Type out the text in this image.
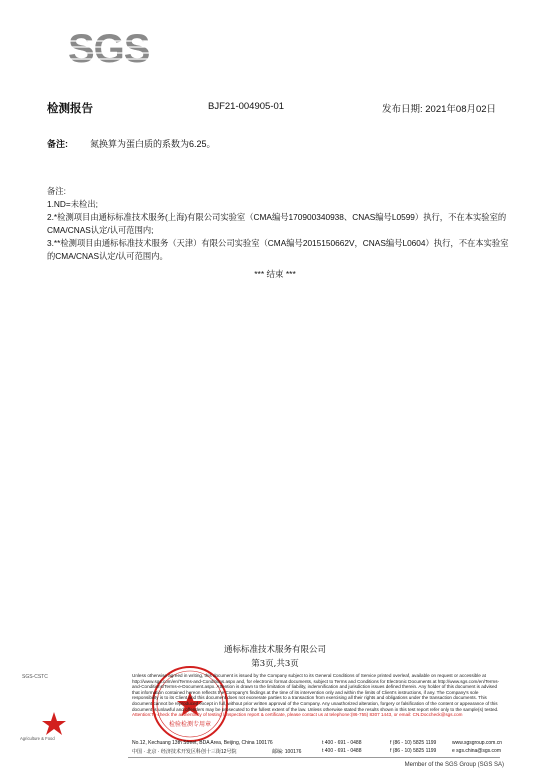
SGS
检测报告	BJF21-004905-01	发布日期: 2021年08月02日
备注: 氮换算为蛋白质的系数为6.25。
备注:
1.ND=未检出;
2.*检测项目由通标标准技术服务(上海)有限公司实验室（CMA编号170900340938、CNAS编号L0599）执行，不在本实验室的CMA/CNAS认定/认可范围内;
3.**检测项目由通标标准技术服务（天津）有限公司实验室（CMA编号2015150662V，CNAS编号L0604）执行，不在本实验室的CMA/CNAS认定/认可范围内。
*** 结束 ***
通标标准技术服务有限公司
第3页,共3页
SGS-CSTC
Agriculture & Food
检验检测专用章
Unless otherwise agreed in writing, this document is issued by the Company subject to its General Conditions of Service printed overleaf, available on request or accessible at http://www.sgs.com/en/Terms-and-Conditions.aspx and, for electronic format documents, subject to Terms and Conditions for Electronic Documents at http://www.sgs.com/en/Terms-and-Conditions/Terms-e-Document.aspx. Attention is drawn to the limitation of liability, indemnification and jurisdiction issues defined therein. Any holder of this document is advised that information contained hereon reflects the Company's findings at the time of its intervention only and within the limits of Client's instructions, if any. The Company's sole responsibility is to its Client and this document does not exonerate parties to a transaction from exercising all their rights and obligations under the transaction documents. This document cannot be reproduced except in full, without prior written approval of the Company. Any unauthorized alteration, forgery or falsification of the content or appearance of this document is unlawful and offenders may be prosecuted to the fullest extent of the law. Unless otherwise stated the results shown in this test report refer only to the sample(s) tested. Attention:To check the authenticity of testing / inspection report & certificate, please contact us at telephone:(86-755) 8307 1443, or email: CN.Doccheck@sgs.com
No.12, Kechuang 13th Street, BDA Area, Beijing, China 100176	t 400 - 691 - 0488	f (86 - 10) 5825 1199	www.sgsgroup.com.cn
中国 · 北京 · 经济技术开发区科创十三街12号院	邮编: 100176	t 400 - 691 - 0488	f (86 - 10) 5825 1199	e sgs.china@sgs.com
Member of the SGS Group (SGS SA)
